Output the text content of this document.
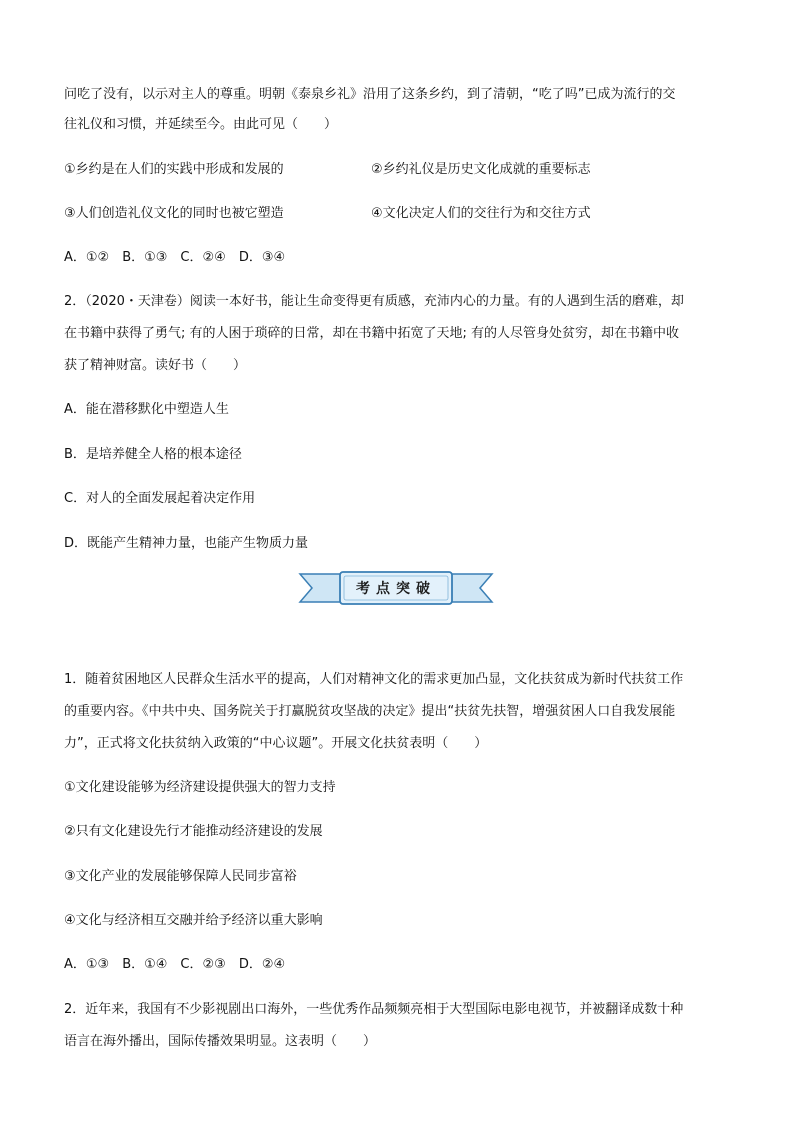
问吃了没有，以示对主人的尊重。明朝《泰泉乡礼》沿用了这条乡约，到了清朝，“吃了吗”已成为流行的交
往礼仪和习惯，并延续至今。由此可见（　　）
①乡约是在人们的实践中形成和发展的	②乡约礼仪是历史文化成就的重要标志
③人们创造礼仪文化的同时也被它塑造	④文化决定人们的交往行为和交往方式
A．①②　B．①③　C．②④　D．③④
2．（2020・天津卷）阅读一本好书，能让生命变得更有质感，充沛内心的力量。有的人遇到生活的磨难，却
在书籍中获得了勇气; 有的人困于琐碎的日常，却在书籍中拓宽了天地; 有的人尽管身处贫穷，却在书籍中收
获了精神财富。读好书（　　）
A．能在潜移默化中塑造人生
B．是培养健全人格的根本途径
C．对人的全面发展起着决定作用
D．既能产生精神力量，也能产生物质力量
考点突破
1．随着贫困地区人民群众生活水平的提高，人们对精神文化的需求更加凸显，文化扶贫成为新时代扶贫工作
的重要内容。《中共中央、国务院关于打赢脱贫攻坚战的决定》提出“扶贫先扶智，增强贫困人口自我发展能
力”，正式将文化扶贫纳入政策的“中心议题”。开展文化扶贫表明（　　）
①文化建设能够为经济建设提供强大的智力支持
②只有文化建设先行才能推动经济建设的发展
③文化产业的发展能够保障人民同步富裕
④文化与经济相互交融并给予经济以重大影响
A．①③　B．①④　C．②③　D．②④
2．近年来，我国有不少影视剧出口海外，一些优秀作品频频亮相于大型国际电影电视节，并被翻译成数十种
语言在海外播出，国际传播效果明显。这表明（　　）
